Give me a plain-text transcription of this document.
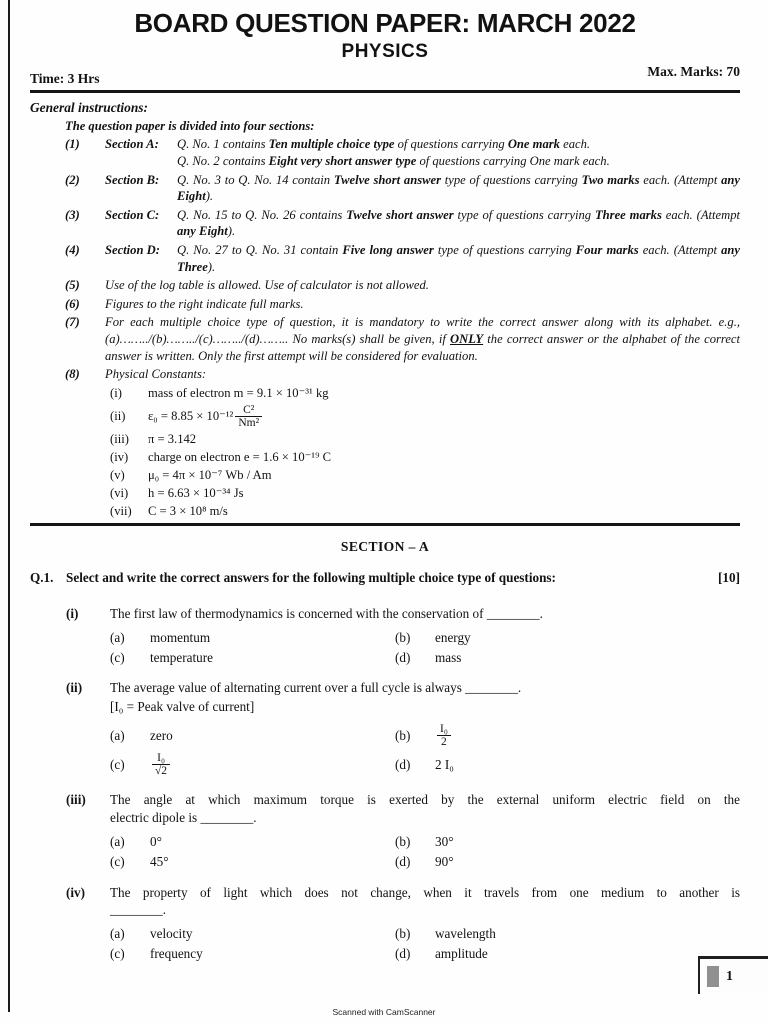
BOARD QUESTION PAPER: MARCH 2022
PHYSICS
Time: 3 Hrs	Max. Marks: 70
General instructions:
The question paper is divided into four sections:
(1)	Section A:	Q. No. 1 contains Ten multiple choice type of questions carrying One mark each.
Q. No. 2 contains Eight very short answer type of questions carrying One mark each.
(2)	Section B:	Q. No. 3 to Q. No. 14 contain Twelve short answer type of questions carrying Two marks each. (Attempt any Eight).
(3)	Section C:	Q. No. 15 to Q. No. 26 contains Twelve short answer type of questions carrying Three marks each. (Attempt any Eight).
(4)	Section D:	Q. No. 27 to Q. No. 31 contain Five long answer type of questions carrying Four marks each. (Attempt any Three).
(5)	Use of the log table is allowed. Use of calculator is not allowed.
(6)	Figures to the right indicate full marks.
(7)	For each multiple choice type of question, it is mandatory to write the correct answer along with its alphabet. e.g., (a)……../(b)……../(c)……../(d)…….. No marks(s) shall be given, if ONLY the correct answer or the alphabet of the correct answer is written. Only the first attempt will be considered for evaluation.
(8)	Physical Constants:
(i)	mass of electron m = 9.1 × 10⁻³¹ kg
(ii)	$\varepsilon_0 = 8.85 \times 10^{-12} \frac{\text{C²}}{\text{Nm²}}$
(iii)	π = 3.142
(iv)	charge on electron e = 1.6 × 10⁻¹⁹ C
(v)	μ₀ = 4π × 10⁻⁷ Wb / Am
(vi)	h = 6.63 × 10⁻³⁴ Js
(vii)	C = 3 × 10⁸ m/s
SECTION – A
Q.1. Select and write the correct answers for the following multiple choice type of questions:	[10]
(i)	The first law of thermodynamics is concerned with the conservation of ________.
(a)	momentum	(b)	energy
(c)	temperature	(d)	mass
(ii)	The average value of alternating current over a full cycle is always ________.
[I₀ = Peak valve of current]
(a)	zero	(b)	$\frac{\text{I₀}}{2}$
(c)	$\frac{\text{I₀}}{√2}$	(d)	2 I₀
(iii)	The angle at which maximum torque is exerted by the external uniform electric field on the
electric dipole is ________.
(a)	0°	(b)	30°
(c)	45°	(d)	90°
(iv)	The property of light which does not change, when it travels from one medium to another is
________.
(a)	velocity	(b)	wavelength
(c)	frequency	(d)	amplitude
1
Scanned with CamScanner
